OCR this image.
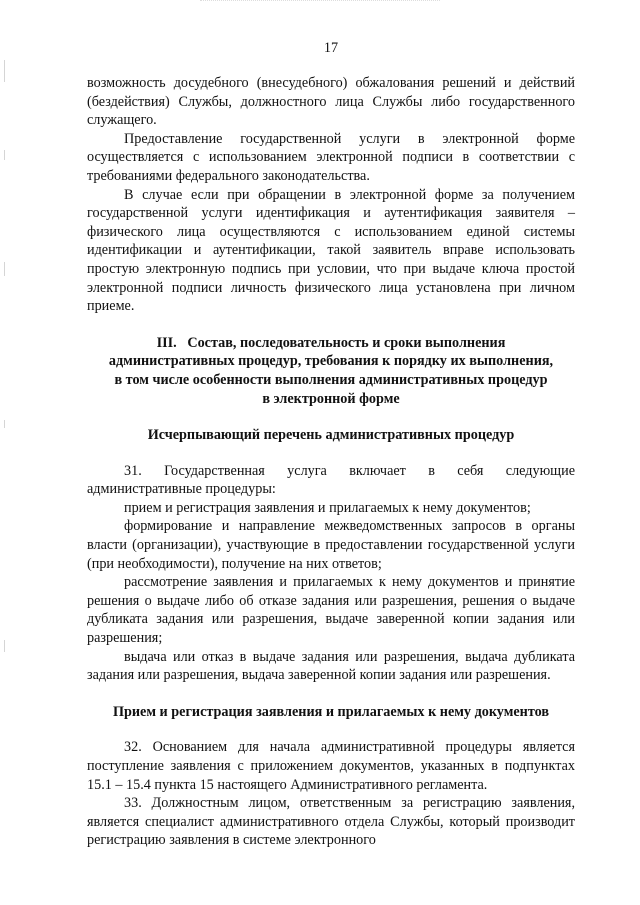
17

возможность досудебного (внесудебного) обжалования решений и действий (бездействия) Службы, должностного лица Службы либо государственного служащего.

Предоставление государственной услуги в электронной форме осуществляется с использованием электронной подписи в соответствии с требованиями федерального законодательства.

В случае если при обращении в электронной форме за получением государственной услуги идентификация и аутентификация заявителя – физического лица осуществляются с использованием единой системы идентификации и аутентификации, такой заявитель вправе использовать простую электронную подпись при условии, что при выдаче ключа простой электронной подписи личность физического лица установлена при личном приеме.

III.   Состав, последовательность и сроки выполнения
административных процедур, требования к порядку их выполнения,
в том числе особенности выполнения административных процедур
в электронной форме
Исчерпывающий перечень административных процедур

31. Государственная услуга включает в себя следующие административные процедуры:

прием и регистрация заявления и прилагаемых к нему документов;

формирование и направление межведомственных запросов в органы власти (организации), участвующие в предоставлении государственной услуги (при необходимости), получение на них ответов;

рассмотрение заявления и прилагаемых к нему документов и принятие решения о выдаче либо об отказе задания или разрешения, решения о выдаче дубликата задания или разрешения, выдаче заверенной копии задания или разрешения;

выдача или отказ в выдаче задания или разрешения, выдача дубликата задания или разрешения, выдача заверенной копии задания или разрешения.

Прием и регистрация заявления и прилагаемых к нему документов

32. Основанием для начала административной процедуры является поступление заявления с приложением документов, указанных в подпунктах 15.1 – 15.4 пункта 15 настоящего Административного регламента.

33. Должностным лицом, ответственным за регистрацию заявления, является специалист административного отдела Службы, который производит регистрацию заявления в системе электронного
